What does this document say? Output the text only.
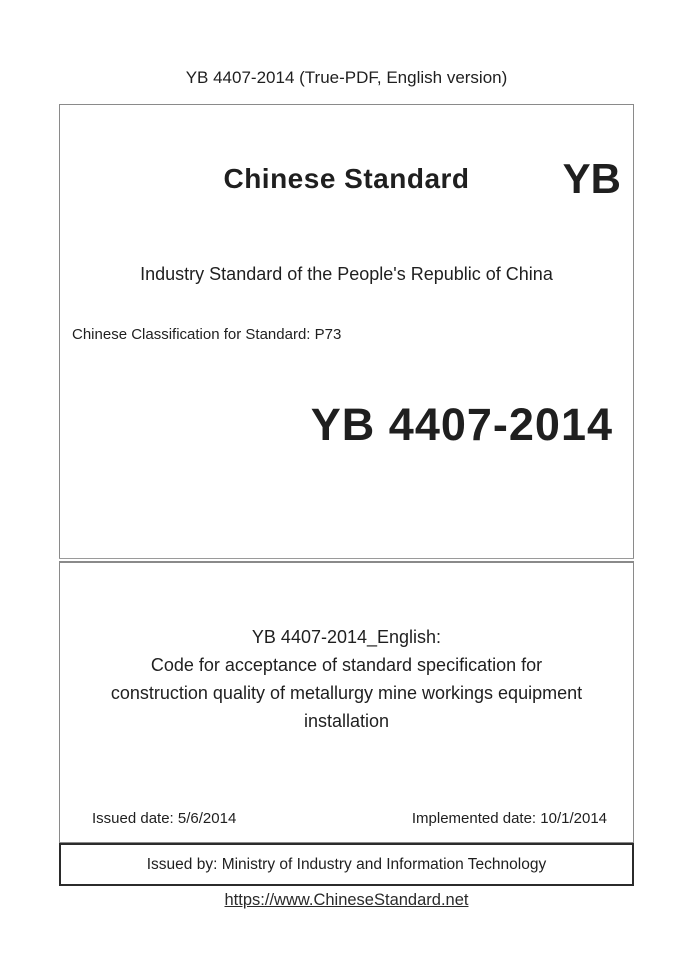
YB 4407-2014 (True-PDF, English version)
Chinese Standard	YB
Industry Standard of the People's Republic of China
Chinese Classification for Standard: P73
YB 4407-2014
YB 4407-2014_English:
Code for acceptance of standard specification for
construction quality of metallurgy mine workings equipment
installation
Issued date: 5/6/2014	Implemented date: 10/1/2014
Issued by: Ministry of Industry and Information Technology
https://www.ChineseStandard.net
